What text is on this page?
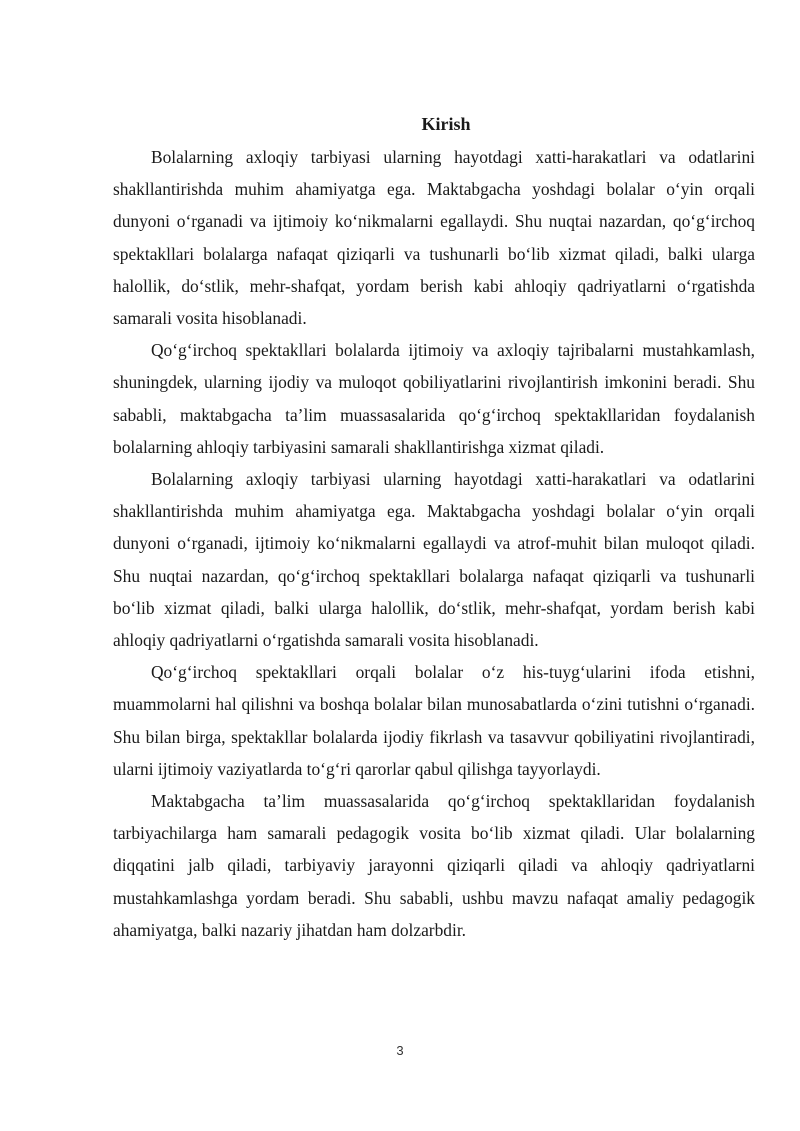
Kirish

Bolalarning axloqiy tarbiyasi ularning hayotdagi xatti-harakatlari va odatlarini shakllantirishda muhim ahamiyatga ega. Maktabgacha yoshdagi bolalar o‘yin orqali dunyoni o‘rganadi va ijtimoiy ko‘nikmalarni egallaydi. Shu nuqtai nazardan, qo‘g‘irchoq spektakllari bolalarga nafaqat qiziqarli va tushunarli bo‘lib xizmat qiladi, balki ularga halollik, do‘stlik, mehr-shafqat, yordam berish kabi ahloqiy qadriyatlarni o‘rgatishda samarali vosita hisoblanadi.

Qo‘g‘irchoq spektakllari bolalarda ijtimoiy va axloqiy tajribalarni mustahkamlash, shuningdek, ularning ijodiy va muloqot qobiliyatlarini rivojlantirish imkonini beradi. Shu sababli, maktabgacha ta’lim muassasalarida qo‘g‘irchoq spektakllaridan foydalanish bolalarning ahloqiy tarbiyasini samarali shakllantirishga xizmat qiladi.

Bolalarning axloqiy tarbiyasi ularning hayotdagi xatti-harakatlari va odatlarini shakllantirishda muhim ahamiyatga ega. Maktabgacha yoshdagi bolalar o‘yin orqali dunyoni o‘rganadi, ijtimoiy ko‘nikmalarni egallaydi va atrof-muhit bilan muloqot qiladi. Shu nuqtai nazardan, qo‘g‘irchoq spektakllari bolalarga nafaqat qiziqarli va tushunarli bo‘lib xizmat qiladi, balki ularga halollik, do‘stlik, mehr-shafqat, yordam berish kabi ahloqiy qadriyatlarni o‘rgatishda samarali vosita hisoblanadi.

Qo‘g‘irchoq spektakllari orqali bolalar o‘z his-tuyg‘ularini ifoda etishni, muammolarni hal qilishni va boshqa bolalar bilan munosabatlarda o‘zini tutishni o‘rganadi. Shu bilan birga, spektakllar bolalarda ijodiy fikrlash va tasavvur qobiliyatini rivojlantiradi, ularni ijtimoiy vaziyatlarda to‘g‘ri qarorlar qabul qilishga tayyorlaydi.

Maktabgacha ta’lim muassasalarida qo‘g‘irchoq spektakllaridan foydalanish tarbiyachilarga ham samarali pedagogik vosita bo‘lib xizmat qiladi. Ular bolalarning diqqatini jalb qiladi, tarbiyaviy jarayonni qiziqarli qiladi va ahloqiy qadriyatlarni mustahkamlashga yordam beradi. Shu sababli, ushbu mavzu nafaqat amaliy pedagogik ahamiyatga, balki nazariy jihatdan ham dolzarbdir.

3
